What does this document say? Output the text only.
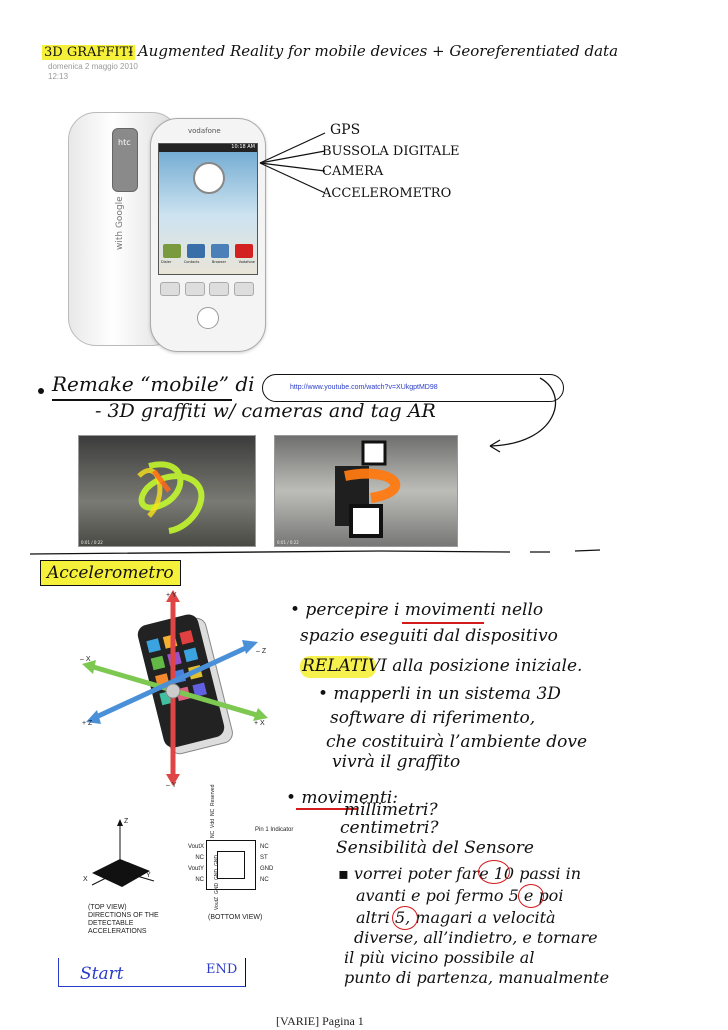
3D GRAFFITI
- Augmented Reality for mobile devices + Georeferentiated data
domenica 2 maggio 2010
12:13
htc
with Google
vodafone
10:18 AM
Dialer	Contacts	Browser	Vodafone
GPS
BUSSOLA DIGITALE
CAMERA
ACCELEROMETRO
Remake “mobile” di
- 3D graffiti w/ cameras and tag AR
http://www.youtube.com/watch?v=XUkgptMD98
0:01 / 0:22	0:01 / 0:22
Accelerometro
+ Y
– Y
– X
+ X
+ Z
– Z
• percepire i movimenti nello
spazio eseguiti dal dispositivo
RELATIVI alla posizione iniziale.
• mapperli in un sistema 3D
software di riferimento,
che costituirà l’ambiente dove
vivrà il graffito
Z
X
Y
(TOP VIEW)
DIRECTIONS OF THE
DETECTABLE
ACCELERATIONS
Pin 1 Indicator
NC
Vdd
NC
Reserved
VoutX
NC
VoutY
NC
NC
ST
GND
NC
VoutZ
GND
GND
GND
(BOTTOM VIEW)
• movimenti:
millimetri?
centimetri?
Sensibilità del Sensore
▪ vorrei poter fare 10 passi in
avanti e poi fermo 5 e poi
altri 5, magari a velocità
diverse, all’indietro, e tornare
il più vicino possibile al
punto di partenza, manualmente
Start	END
[VARIE] Pagina 1
